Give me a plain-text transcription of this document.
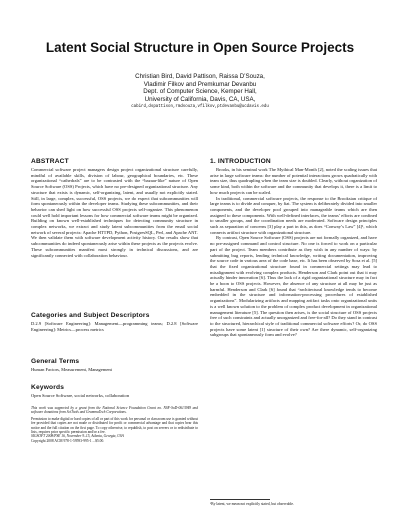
Latent Social Structure in Open Source Projects
Christian Bird, David Pattison, Raissa D’Souza,
Vladimir Filkov and Premkumar Devanbu
Dept. of Computer Science, Kemper Hall,
University of California, Davis, CA, USA,
cabird,dspattison,rmdsouza,vfilkov,ptdevanbu@ucdavis.edu
ABSTRACT

Commercial software project managers design project organizational structure carefully, mindful of available skills, division of labour, geographical boundaries, etc. These organizational “cathedrals” are to be contrasted with the “bazaar-like” nature of Open Source Software (OSS) Projects, which have no pre-designed organizational structure. Any structure that exists is dynamic, self-organizing, latent, and usually not explicitly stated. Still, in large, complex, successful, OSS projects, we do expect that subcommunities will form spontaneously within the developer teams. Studying these subcommunities, and their behavior can shed light on how successful OSS projects self-organize. This phenomenon could well hold important lessons for how commercial software teams might be organized. Building on known well-established techniques for detecting community structure in complex networks, we extract and study latent subcommunities from the email social network of several projects: Apache HTTPD, Python, PostgresSQL, Perl, and Apache ANT. We then validate them with software development activity history. Our results show that subcommunities do indeed spontaneously arise within these projects as the projects evolve. These subcommunities manifest most strongly in technical discussions, and are significantly connected with collaboration behaviour.

Categories and Subject Descriptors

D.2.9 [Software Engineering]: Management—programming teams; D.2.8 [Software Engineering]: Metrics—process metrics

General Terms

Human Factors, Measurement, Management

Keywords

Open Source Software, social networks, collaboration

This work was supported by a grant from the National Science Foundation Grant no. NSF-SoD-0613949 and software donations from SciTools and GrammaTech Corporations.

Permission to make digital or hard copies of all or part of this work for personal or classroom use is granted without fee provided that copies are not made or distributed for profit or commercial advantage and that copies bear this notice and the full citation on the first page. To copy otherwise, to republish, to post on servers or to redistribute to lists, requires prior specific permission and/or a fee.

SIGSOFT 2008/FSE 16, November 9–15, Atlanta, Georgia, USA

Copyright 2008 ACM 978-1-59593-995-1 ...$5.00.

1. INTRODUCTION

Brooks, in his seminal work The Mythical Man-Month [2], noted the scaling issues that arise in large software teams: the number of potential interactions grows quadratically with team size, thus quadrupling when the team size is doubled. Clearly, without organization of some kind, both within the software and the community that develops it, there is a limit to how much projects can be scaled.

In traditional, commercial software projects, the response to the Brooksian critique of large teams is to divide and conquer, by fiat. The system is deliberately divided into smaller components, and the developer pool grouped into manageable teams which are then assigned to these components. With well-defined interfaces, the teams’ efforts are confined to smaller groups, and the coordination needs are moderated. Software design principles such as separation of concerns [3] play a part in this, as does “Conway’s Law” [4]¹, which connects artifact structure with organizational structure.

By contrast, Open Source Software (OSS) projects are not formally organized, and have no pre-assigned command and control structure. No one is forced to work on a particular part of the project. Team members contribute as they wish in any number of ways: by submitting bug reports, lending technical knowledge, writing documentation, improving the source code in various area of the code base, etc. It has been observed by Sosa et al. [5] that the fixed organizational structure found in commercial settings may lead to misalignment with evolving complex products. Henderson and Clark point out that it may actually hinder innovation [6]. Thus the lack of a rigid organizational structure may in fact be a boon to OSS projects. However, the absence of any structure at all may be just as harmful. Henderson and Clark [6] found that “architectural knowledge tends to become embedded in the structure and information-processing procedures of established organizations”. Modularizing artifacts and mapping artifact tasks onto organizational units is a well known solution to the problem of complex product development in organizational management literature [5]. The question then arises, is the social structure of OSS projects free of such constraints and actually unorganized and free-for-all? Do they stand in contrast to the structured, hierarchical style of traditional commercial software efforts? Or, do OSS projects have some latent [1] structure of their own? Are there dynamic, self-organizing subgroups that spontaneously form and evolve?

¹By latent, we mean not explicitly stated, but observable.
